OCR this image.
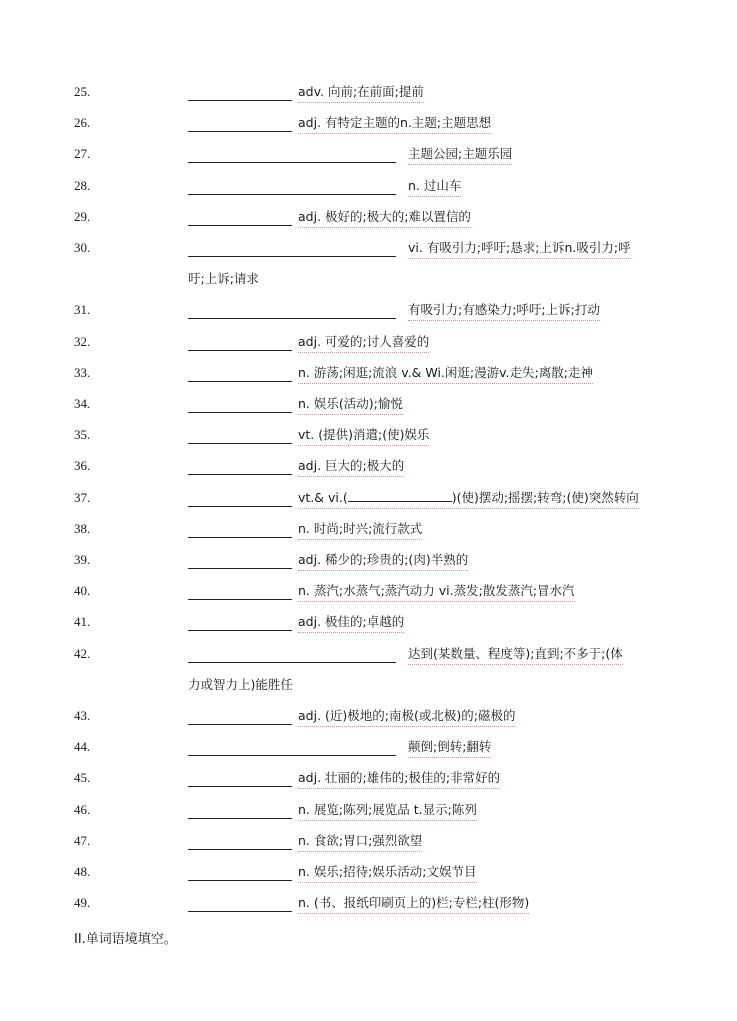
25.	adv. 向前;在前面;提前
26.	adj. 有特定主题的n.主题;主题思想
27.	主题公园;主题乐园
28.	n. 过山车
29.	adj. 极好的;极大的;难以置信的
30.	vi. 有吸引力;呼吁;恳求;上诉n.吸引力;呼
吁;上诉;请求
31.	有吸引力;有感染力;呼吁;上诉;打动
32.	adj. 可爱的;讨人喜爱的
33.	n. 游荡;闲逛;流浪 v.& Wi.闲逛;漫游v.走失;离散;走神
34.	n. 娱乐(活动);愉悦
35.	vt. (提供)消遣;(使)娱乐
36.	adj. 巨大的;极大的
37.	vt.& vi.(	)(使)摆动;摇摆;转弯;(使)突然转向
38.	n. 时尚;时兴;流行款式
39.	adj. 稀少的;珍贵的;(肉)半熟的
40.	n. 蒸汽;水蒸气;蒸汽动力 vi.蒸发;散发蒸汽;冒水汽
41.	adj. 极佳的;卓越的
42.	达到(某数量、程度等);直到;不多于;(体
力或智力上)能胜任
43.	adj. (近)极地的;南极(或北极)的;磁极的
44.	颠倒;倒转;翻转
45.	adj. 壮丽的;雄伟的;极佳的;非常好的
46.	n. 展览;陈列;展览品 t.显示;陈列
47.	n. 食欲;胃口;强烈欲望
48.	n. 娱乐;招待;娱乐活动;文娱节目
49.	n. (书、报纸印刷页上的)栏;专栏;柱(形物)
II.单词语境填空。
